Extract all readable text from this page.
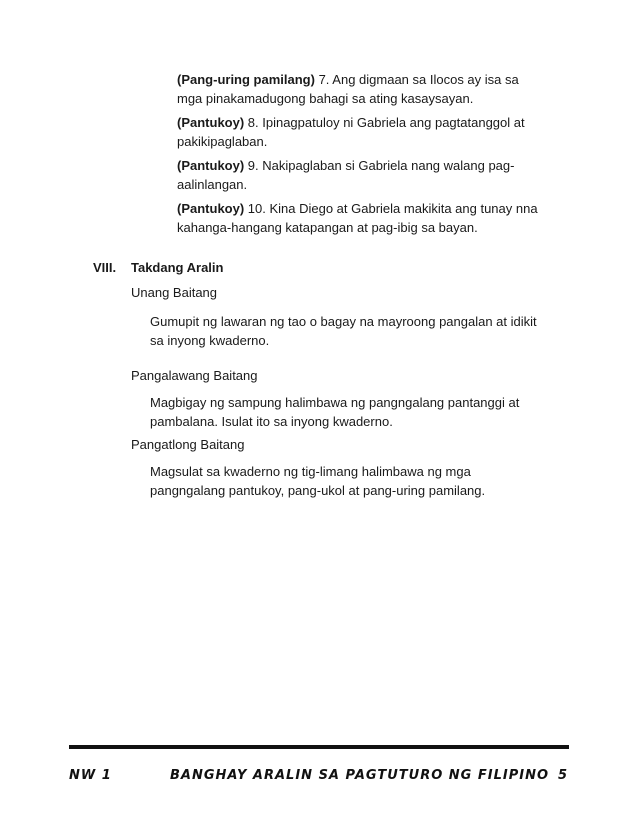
(Pang-uring pamilang) 7. Ang digmaan sa Ilocos ay isa sa mga pinakamadugong bahagi sa ating kasaysayan.
(Pantukoy) 8. Ipinagpatuloy ni Gabriela ang pagtatanggol at pakikipaglaban.
(Pantukoy) 9. Nakipaglaban si Gabriela nang walang pag-aalinlangan.
(Pantukoy) 10. Kina Diego at Gabriela makikita ang tunay nna kahanga-hangang katapangan at pag-ibig sa bayan.
VIII. Takdang Aralin
Unang Baitang
Gumupit ng lawaran ng tao o bagay na mayroong pangalan at idikit sa inyong kwaderno.
Pangalawang Baitang
Magbigay ng sampung halimbawa ng pangngalang pantanggi at pambalana. Isulat ito sa inyong kwaderno.
Pangatlong Baitang
Magsulat sa kwaderno ng tig-limang halimbawa ng mga pangngalang pantukoy, pang-ukol at pang-uring pamilang.
NW 1	BANGHAY ARALIN SA PAGTUTURO NG FILIPINO 5
